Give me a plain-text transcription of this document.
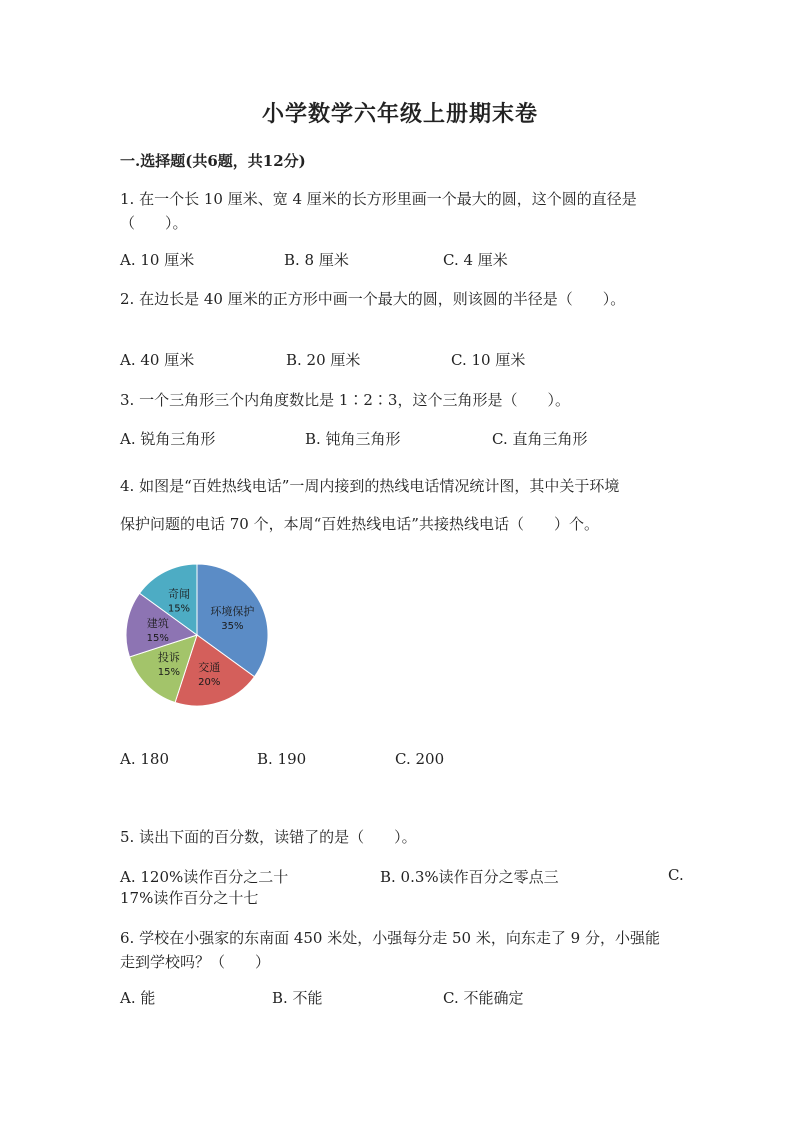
小学数学六年级上册期末卷
一.选择题(共6题，共12分)
1. 在一个长 10 厘米、宽 4 厘米的长方形里画一个最大的圆，这个圆的直径是
（　　）。
A. 10 厘米	B. 8 厘米	C. 4 厘米
2. 在边长是 40 厘米的正方形中画一个最大的圆，则该圆的半径是（　　）。
A. 40 厘米	B. 20 厘米	C. 10 厘米
3. 一个三角形三个内角度数比是 1∶2∶3，这个三角形是（　　）。
A. 锐角三角形	B. 钝角三角形	C. 直角三角形
4. 如图是“百姓热线电话”一周内接到的热线电话情况统计图，其中关于环境
保护问题的电话 70 个，本周“百姓热线电话”共接热线电话（　　）个。
环境保护
35%
交通
20%
投诉
15%
建筑
15%
奇闻
15%
A. 180	B. 190	C. 200
5. 读出下面的百分数，读错了的是（　　）。
A. 120%读作百分之二十	B. 0.3%读作百分之零点三	C.
17%读作百分之十七
6. 学校在小强家的东南面 450 米处，小强每分走 50 米，向东走了 9 分，小强能
走到学校吗？（　　）
A. 能	B. 不能	C. 不能确定
